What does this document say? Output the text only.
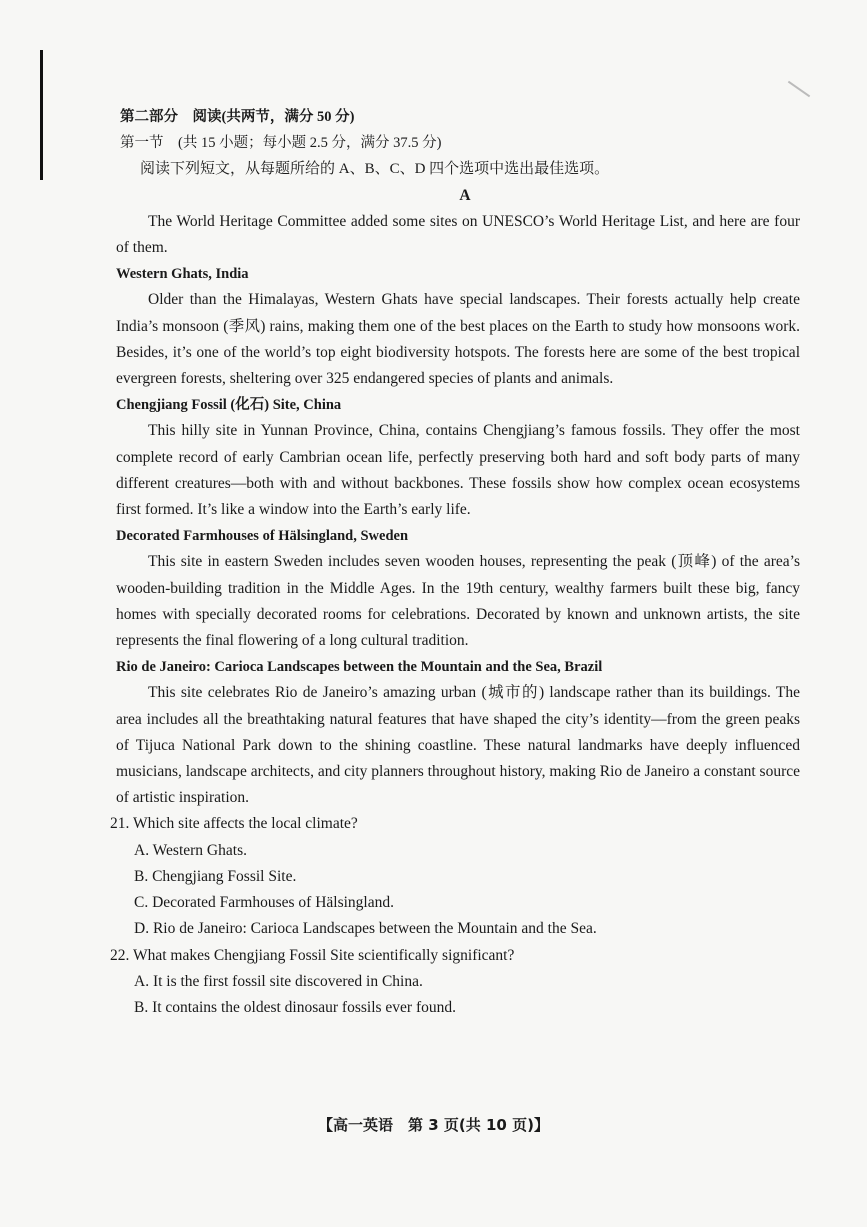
第二部分　阅读(共两节，满分 50 分)
第一节　(共 15 小题；每小题 2.5 分，满分 37.5 分)
阅读下列短文，从每题所给的 A、B、C、D 四个选项中选出最佳选项。
A

The World Heritage Committee added some sites on UNESCO’s World Heritage List, and here are four of them.

Western Ghats, India

Older than the Himalayas, Western Ghats have special landscapes. Their forests actually help create India’s monsoon (季风) rains, making them one of the best places on the Earth to study how monsoons work. Besides, it’s one of the world’s top eight biodiversity hotspots. The forests here are some of the best tropical evergreen forests, sheltering over 325 endangered species of plants and animals.

Chengjiang Fossil (化石) Site, China

This hilly site in Yunnan Province, China, contains Chengjiang’s famous fossils. They offer the most complete record of early Cambrian ocean life, perfectly preserving both hard and soft body parts of many different creatures—both with and without backbones. These fossils show how complex ocean ecosystems first formed. It’s like a window into the Earth’s early life.

Decorated Farmhouses of Hälsingland, Sweden

This site in eastern Sweden includes seven wooden houses, representing the peak (顶峰) of the area’s wooden-building tradition in the Middle Ages. In the 19th century, wealthy farmers built these big, fancy homes with specially decorated rooms for celebrations. Decorated by known and unknown artists, the site represents the final flowering of a long cultural tradition.

Rio de Janeiro: Carioca Landscapes between the Mountain and the Sea, Brazil

This site celebrates Rio de Janeiro’s amazing urban (城市的) landscape rather than its buildings. The area includes all the breathtaking natural features that have shaped the city’s identity—from the green peaks of Tijuca National Park down to the shining coastline. These natural landmarks have deeply influenced musicians, landscape architects, and city planners throughout history, making Rio de Janeiro a constant source of artistic inspiration.

21. Which site affects the local climate?

A. Western Ghats.

B. Chengjiang Fossil Site.

C. Decorated Farmhouses of Hälsingland.

D. Rio de Janeiro: Carioca Landscapes between the Mountain and the Sea.

22. What makes Chengjiang Fossil Site scientifically significant?

A. It is the first fossil site discovered in China.

B. It contains the oldest dinosaur fossils ever found.

【高一英语　第 3 页(共 10 页)】
